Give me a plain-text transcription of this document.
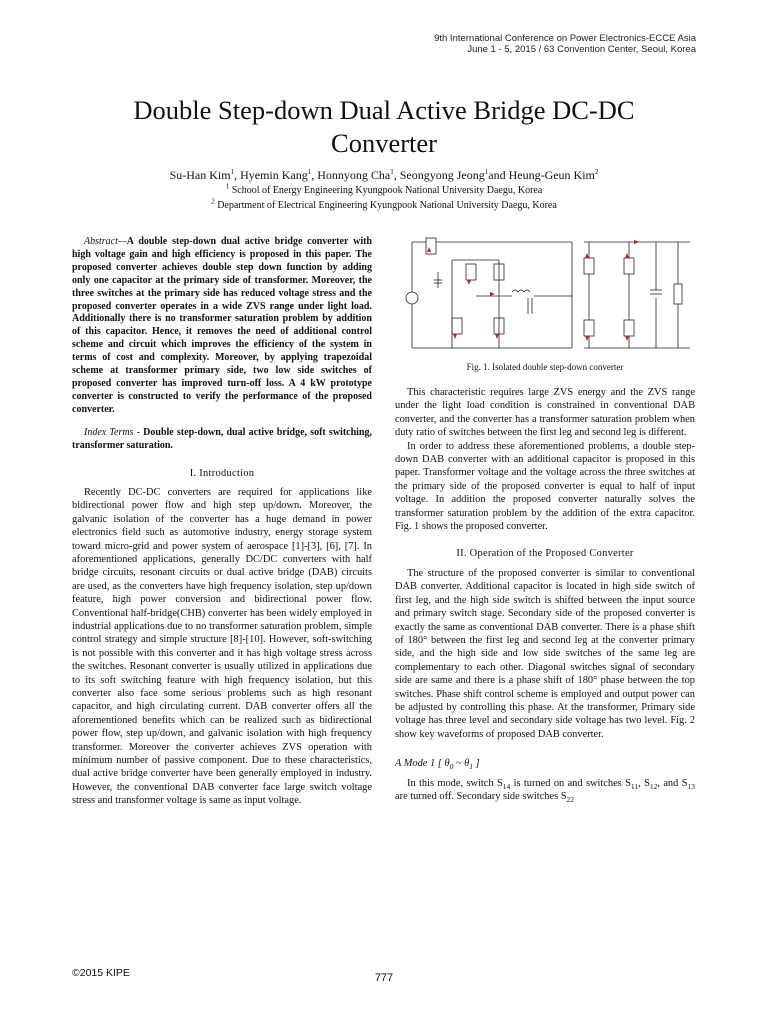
9th International Conference on Power Electronics-ECCE Asia
June 1 - 5, 2015 / 63 Convention Center, Seoul, Korea
Double Step-down Dual Active Bridge DC-DC Converter
Su-Han Kim$^1$, Hyemin Kang$^1$, Honnyong Cha$^1$, Seongyong Jeong$^1$and Heung-Geun Kim$^2$
$^1$ School of Energy Engineering Kyungpook National University Daegu, Korea
$^2$ Department of Electrical Engineering Kyungpook National University Daegu, Korea

Abstract—A double step-down dual active bridge converter with high voltage gain and high efficiency is proposed in this paper. The proposed converter achieves double step down function by adding only one capacitor at the primary side of transformer. Moreover, the three switches at the primary side has reduced voltage stress and the proposed converter operates in a wide ZVS range under light load. Additionally there is no transformer saturation problem by addition of this capacitor. Hence, it removes the need of additional control scheme and circuit which improves the efficiency of the system in terms of cost and complexity. Moreover, by applying trapezoidal scheme at transformer primary side, two low side switches of proposed converter has improved turn-off loss. A 4 kW prototype converter is constructed to verify the performance of the proposed converter.

Index Terms - Double step-down, dual active bridge, soft switching, transformer saturation.

I. Introduction

Recently DC-DC converters are required for applications like bidirectional power flow and high step up/down. Moreover, the galvanic isolation of the converter has a huge demand in power electronics field such as automotive industry, energy storage system toward micro-grid and power system of aerospace [1]-[3], [6], [7]. In aforementioned applications, generally DC/DC converters with half bridge circuits, resonant circuits or dual active bridge (DAB) circuits are used, as the converters have high frequency isolation, step up/down feature, high power conversion and bidirectional power flow. Conventional half-bridge(CHB) converter has been widely employed in industrial applications due to no transformer saturation problem, simple control strategy and simple structure [8]-[10]. However, soft-switching is not possible with this converter and it has high voltage stress across the switches. Resonant converter is usually utilized in applications due to its soft switching feature with high frequency isolation, but this converter also face some serious problems such as high resonant capacitor, and high circulating current. DAB converter offers all the aforementioned benefits which can be realized such as bidirectional power flow, step up/down, and galvanic isolation with high frequency transformer. Moreover the converter achieves ZVS operation with minimum number of passive component. Due to these characteristics, dual active bridge converter have been generally employed in industry. However, the conventional DAB converter face large switch voltage stress and transformer voltage is same as input voltage.

Fig. 1. Isolated double step-down converter

This characteristic requires large ZVS energy and the ZVS range under the light load condition is constrained in conventional DAB converter, and the converter has a transformer saturation problem when duty ratio of switches between the first leg and second leg is different.

In order to address these aforementioned problems, a double step-down DAB converter with an additional capacitor is proposed in this paper. Transformer voltage and the voltage across the three switches at the primary side of the proposed converter is equal to half of input voltage. In addition the proposed converter naturally solves the transformer saturation problem by the addition of the extra capacitor. Fig. 1 shows the proposed converter.

II. Operation of the Proposed Converter

The structure of the proposed converter is similar to conventional DAB converter. Additional capacitor is located in high side switch of first leg, and the high side switch is shifted between the input source and primary switch stage. Secondary side of the proposed converter is exactly the same as conventional DAB converter. There is a phase shift of 180° between the first leg and second leg at the converter primary side, and the high side and low side switches of the same leg are complementary to each other. Diagonal switches signal of secondary side are same and there is a phase shift of 180° phase between the top switches. Phase shift control scheme is employed and output power can be adjusted by controlling this phase. At the transformer, Primary side voltage has three level and secondary side voltage has two level. Fig. 2 show key waveforms of proposed DAB converter.

A Mode 1 [ $\theta_0$ ~ $\theta_1$ ]

In this mode, switch $S_{14}$ is turned on and switches $S_{11}$, $S_{12}$, and $S_{13}$ are turned off. Secondary side switches $S_{22}$

©2015 KIPE	777
